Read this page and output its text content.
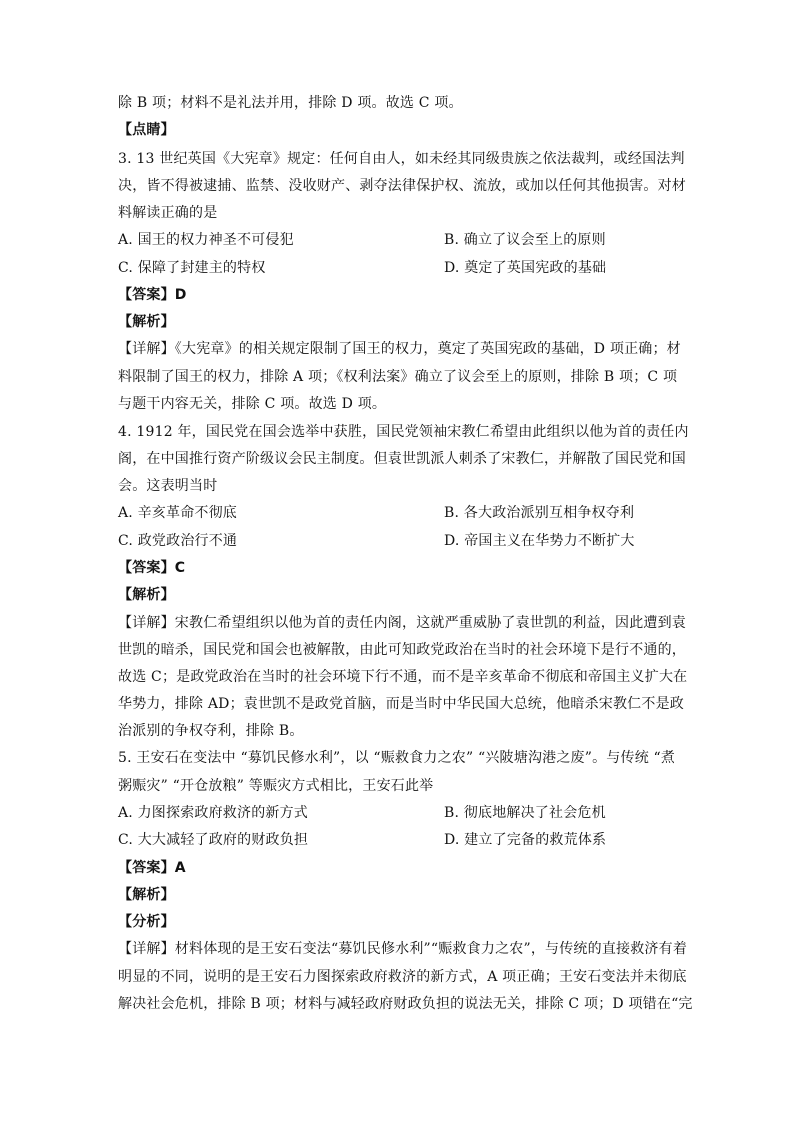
除 B 项；材料不是礼法并用，排除 D 项。故选 C 项。
【点睛】
3. 13 世纪英国《大宪章》规定：任何自由人，如未经其同级贵族之依法裁判，或经国法判
决，皆不得被逮捕、监禁、没收财产、剥夺法律保护权、流放，或加以任何其他损害。对材
料解读正确的是
A. 国王的权力神圣不可侵犯	B. 确立了议会至上的原则
C. 保障了封建主的特权	D. 奠定了英国宪政的基础
【答案】D
【解析】
【详解】《大宪章》的相关规定限制了国王的权力，奠定了英国宪政的基础，D 项正确；材
料限制了国王的权力，排除 A 项；《权利法案》确立了议会至上的原则，排除 B 项；C 项
与题干内容无关，排除 C 项。故选 D 项。
4. 1912 年，国民党在国会选举中获胜，国民党领袖宋教仁希望由此组织以他为首的责任内
阁，在中国推行资产阶级议会民主制度。但袁世凯派人刺杀了宋教仁，并解散了国民党和国
会。这表明当时
A. 辛亥革命不彻底	B. 各大政治派别互相争权夺利
C. 政党政治行不通	D. 帝国主义在华势力不断扩大
【答案】C
【解析】
【详解】宋教仁希望组织以他为首的责任内阁，这就严重威胁了袁世凯的利益，因此遭到袁
世凯的暗杀，国民党和国会也被解散，由此可知政党政治在当时的社会环境下是行不通的，
故选 C；是政党政治在当时的社会环境下行不通，而不是辛亥革命不彻底和帝国主义扩大在
华势力，排除 AD；袁世凯不是政党首脑，而是当时中华民国大总统，他暗杀宋教仁不是政
治派别的争权夺利，排除 B。
5. 王安石在变法中 “募饥民修水利”，以 “赈救食力之农” “兴陂塘沟港之废”。与传统 “煮
粥赈灾” “开仓放粮” 等赈灾方式相比，王安石此举
A. 力图探索政府救济的新方式	B. 彻底地解决了社会危机
C. 大大减轻了政府的财政负担	D. 建立了完备的救荒体系
【答案】A
【解析】
【分析】
【详解】材料体现的是王安石变法“募饥民修水利”“赈救食力之农”，与传统的直接救济有着
明显的不同，说明的是王安石力图探索政府救济的新方式，A 项正确；王安石变法并未彻底
解决社会危机，排除 B 项；材料与减轻政府财政负担的说法无关，排除 C 项；D 项错在“完
